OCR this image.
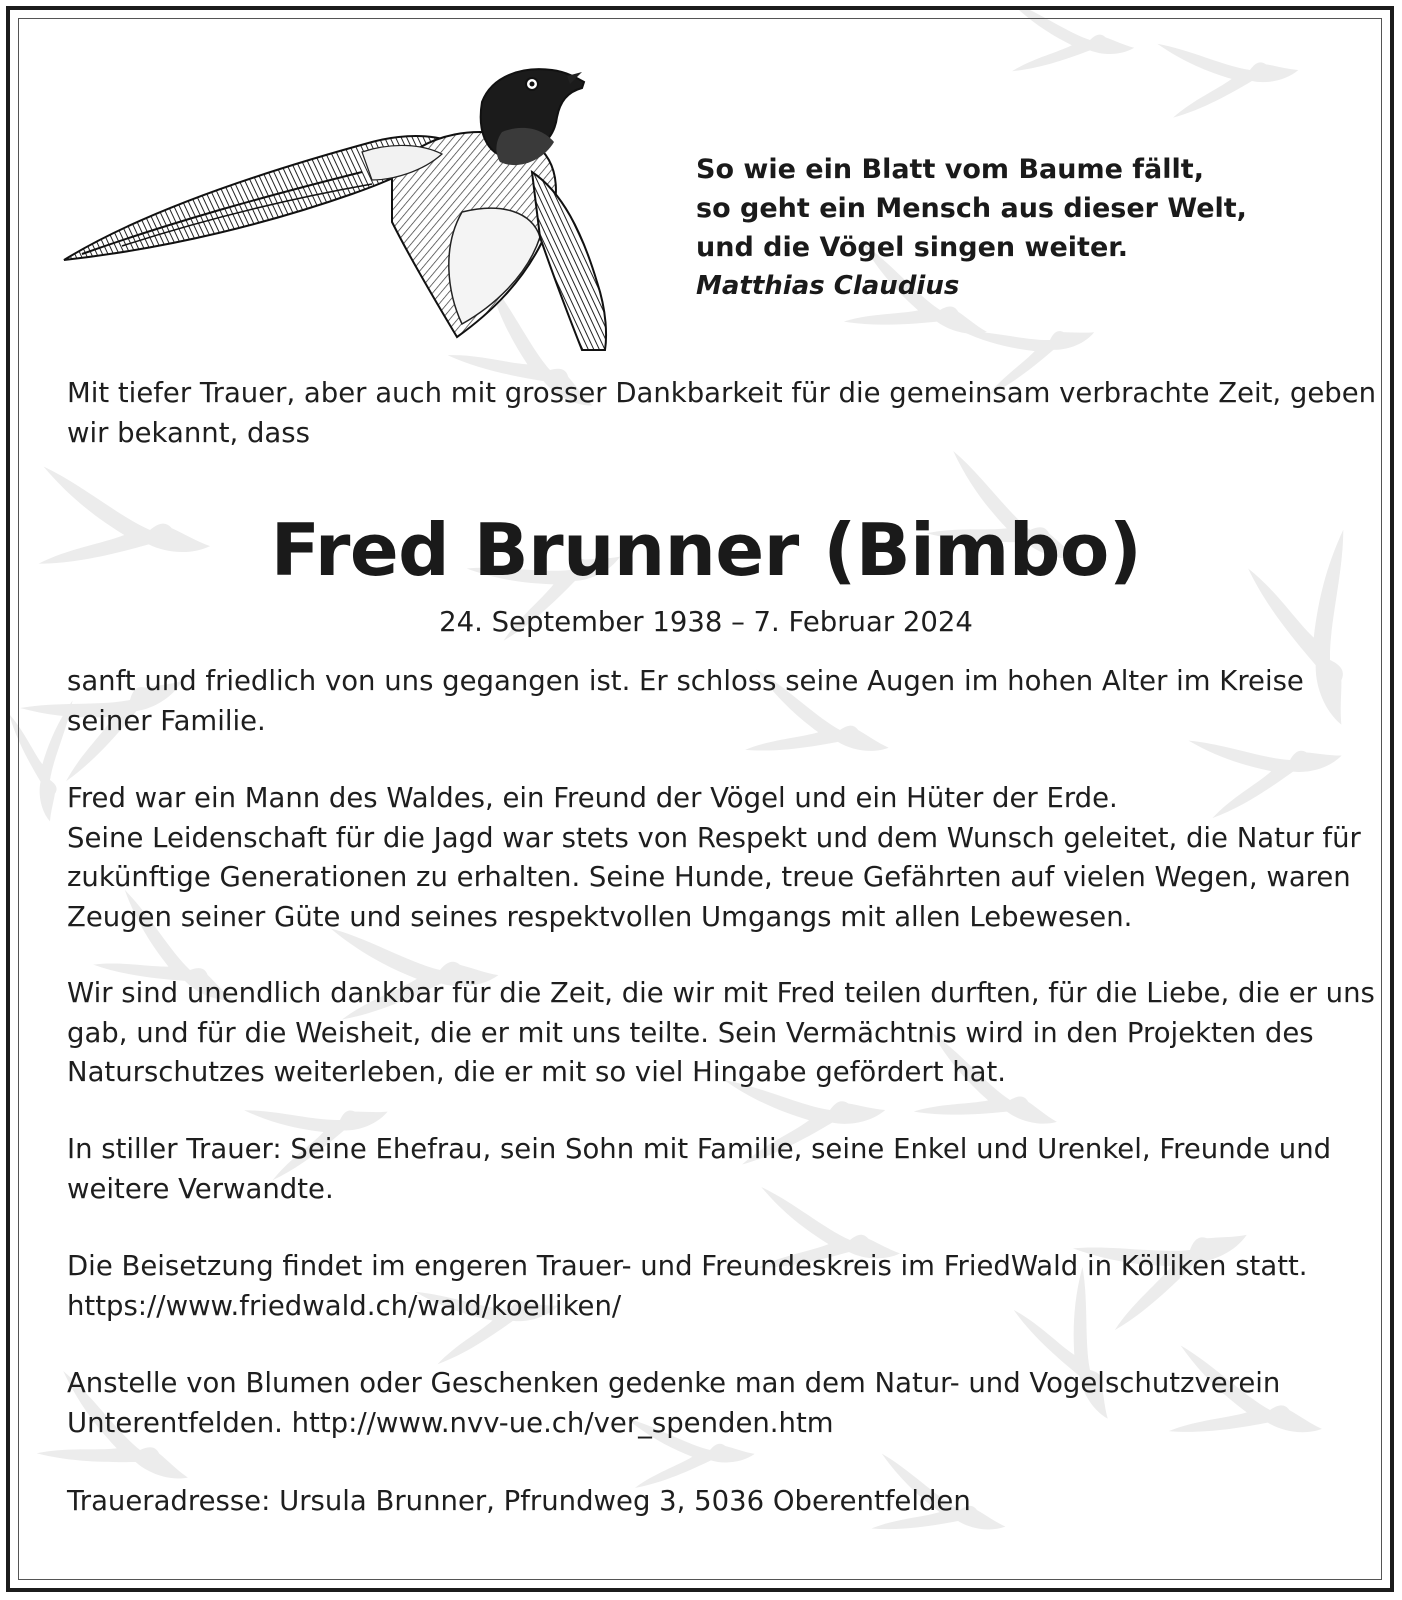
So wie ein Blatt vom Baume fällt,
so geht ein Mensch aus dieser Welt,
und die Vögel singen weiter.
Matthias Claudius
Mit tiefer Trauer, aber auch mit grosser Dankbarkeit für die gemeinsam verbrachte Zeit, geben
wir bekannt, dass
Fred Brunner (Bimbo)
24. September 1938 – 7. Februar 2024
sanft und friedlich von uns gegangen ist. Er schloss seine Augen im hohen Alter im Kreise
seiner Familie.
Fred war ein Mann des Waldes, ein Freund der Vögel und ein Hüter der Erde.
Seine Leidenschaft für die Jagd war stets von Respekt und dem Wunsch geleitet, die Natur für
zukünftige Generationen zu erhalten. Seine Hunde, treue Gefährten auf vielen Wegen, waren
Zeugen seiner Güte und seines respektvollen Umgangs mit allen Lebewesen.
Wir sind unendlich dankbar für die Zeit, die wir mit Fred teilen durften, für die Liebe, die er uns
gab, und für die Weisheit, die er mit uns teilte. Sein Vermächtnis wird in den Projekten des
Naturschutzes weiterleben, die er mit so viel Hingabe gefördert hat.
In stiller Trauer: Seine Ehefrau, sein Sohn mit Familie, seine Enkel und Urenkel, Freunde und
weitere Verwandte.
Die Beisetzung findet im engeren Trauer- und Freundeskreis im FriedWald in Kölliken statt.
https://www.friedwald.ch/wald/koelliken/
Anstelle von Blumen oder Geschenken gedenke man dem Natur- und Vogelschutzverein
Unterentfelden. http://www.nvv-ue.ch/ver_spenden.htm
Traueradresse: Ursula Brunner, Pfrundweg 3, 5036 Oberentfelden
